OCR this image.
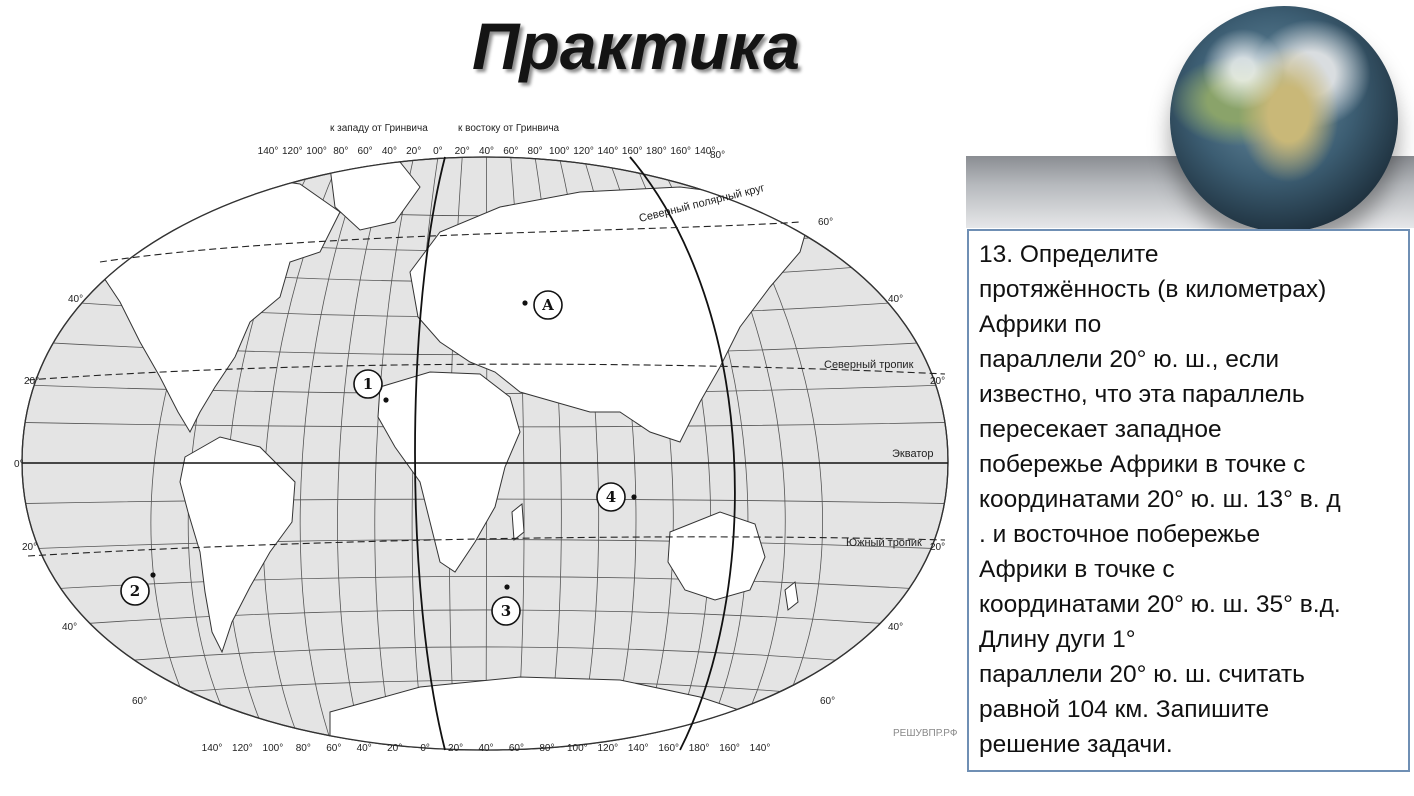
Практика
к западу от Гринвича	к востоку от Гринвича
140° 120° 100° 80° 60° 40° 20° 0° 20° 40° 60° 80° 100° 120° 140° 160° 180° 160° 140°
80°
140° 120° 100° 80° 60° 40° 20° 0° 20° 40° 60° 80° 100° 120° 140° 160° 180° 160° 140°
40°
20°
0°
20°
40°
60°
60°
40°
20°
20°
40°
60°
Северный полярный круг
Северный тропик
Экватор
Южный тропик
А
1
2
3
4
РЕШУВПР.РФ
13. Определите
протяжённость (в километрах)
Африки по
параллели 20° ю. ш., если
известно, что эта параллель
пересекает западное
побережье Африки в точке с
координатами 20° ю. ш. 13° в. д
. и восточное побережье
Африки в точке с
координатами 20° ю. ш. 35° в.д.
Длину дуги 1°
параллели 20° ю. ш. считать
равной 104 км. Запишите
решение задачи.
